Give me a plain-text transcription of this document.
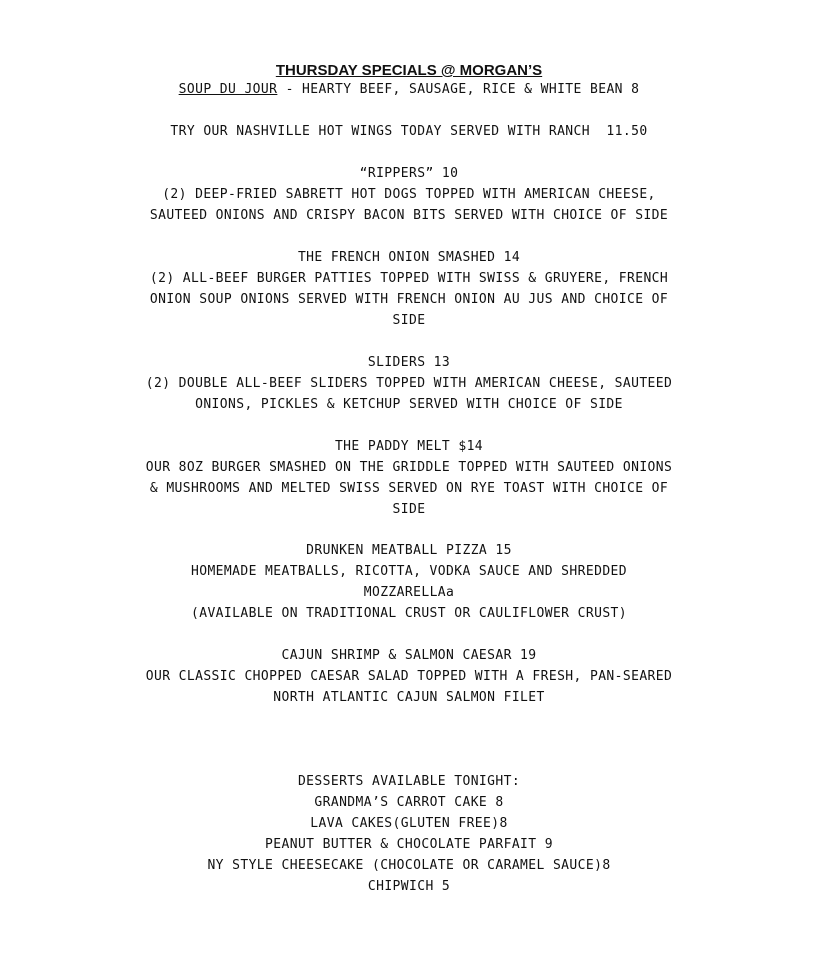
THURSDAY SPECIALS @ MORGAN’S
SOUP DU JOUR - HEARTY BEEF, SAUSAGE, RICE & WHITE BEAN 8
TRY OUR NASHVILLE HOT WINGS TODAY SERVED WITH RANCH  11.50
“RIPPERS” 10
(2) DEEP-FRIED SABRETT HOT DOGS TOPPED WITH AMERICAN CHEESE,
SAUTEED ONIONS AND CRISPY BACON BITS SERVED WITH CHOICE OF SIDE
THE FRENCH ONION SMASHED 14
(2) ALL-BEEF BURGER PATTIES TOPPED WITH SWISS & GRUYERE, FRENCH
ONION SOUP ONIONS SERVED WITH FRENCH ONION AU JUS AND CHOICE OF
SIDE
SLIDERS 13
(2) DOUBLE ALL-BEEF SLIDERS TOPPED WITH AMERICAN CHEESE, SAUTEED
ONIONS, PICKLES & KETCHUP SERVED WITH CHOICE OF SIDE
THE PADDY MELT $14
OUR 8OZ BURGER SMASHED ON THE GRIDDLE TOPPED WITH SAUTEED ONIONS
& MUSHROOMS AND MELTED SWISS SERVED ON RYE TOAST WITH CHOICE OF
SIDE
DRUNKEN MEATBALL PIZZA 15
HOMEMADE MEATBALLS, RICOTTA, VODKA SAUCE AND SHREDDED
MOZZARELLAa
(AVAILABLE ON TRADITIONAL CRUST OR CAULIFLOWER CRUST)
CAJUN SHRIMP & SALMON CAESAR 19
OUR CLASSIC CHOPPED CAESAR SALAD TOPPED WITH A FRESH, PAN-SEARED
NORTH ATLANTIC CAJUN SALMON FILET
DESSERTS AVAILABLE TONIGHT:
GRANDMA’S CARROT CAKE 8
LAVA CAKES(GLUTEN FREE)8
PEANUT BUTTER & CHOCOLATE PARFAIT 9
NY STYLE CHEESECAKE (CHOCOLATE OR CARAMEL SAUCE)8
CHIPWICH 5
